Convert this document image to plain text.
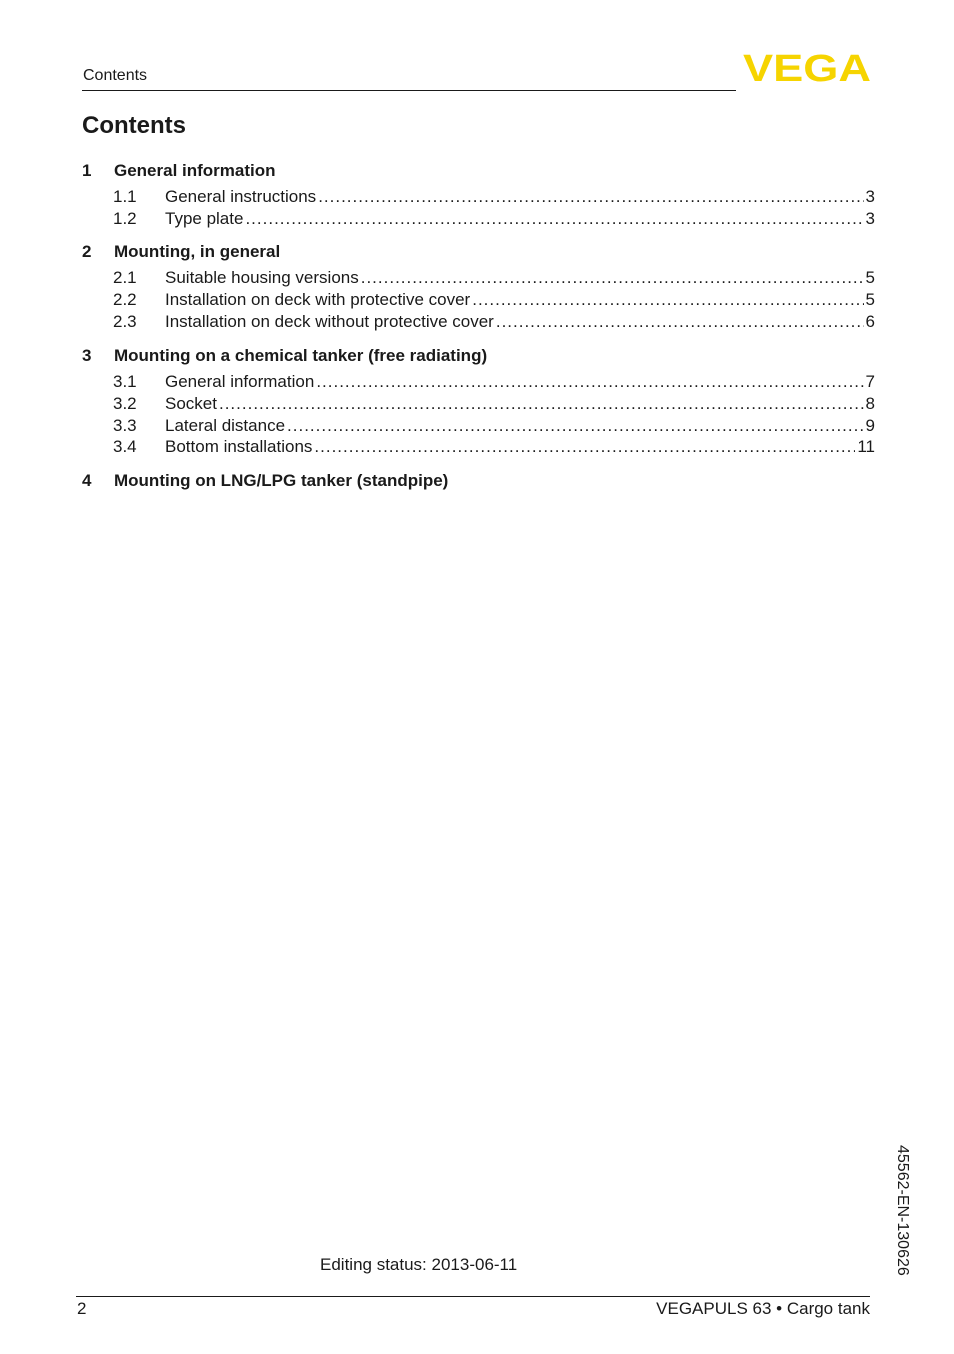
Contents	VEGA
Contents
1 General information
1.1 General instructions .....	3
1.2 Type plate .....	3
2 Mounting, in general
2.1 Suitable housing versions .....	5
2.2 Installation on deck with protective cover .....	5
2.3 Installation on deck without protective cover .....	6
3 Mounting on a chemical tanker (free radiating)
3.1 General information .....	7
3.2 Socket .....	8
3.3 Lateral distance .....	9
3.4 Bottom installations .....	11
4 Mounting on LNG/LPG tanker (standpipe)
45562-EN-130626
Editing status: 2013-06-11
2	VEGAPULS 63 • Cargo tank
